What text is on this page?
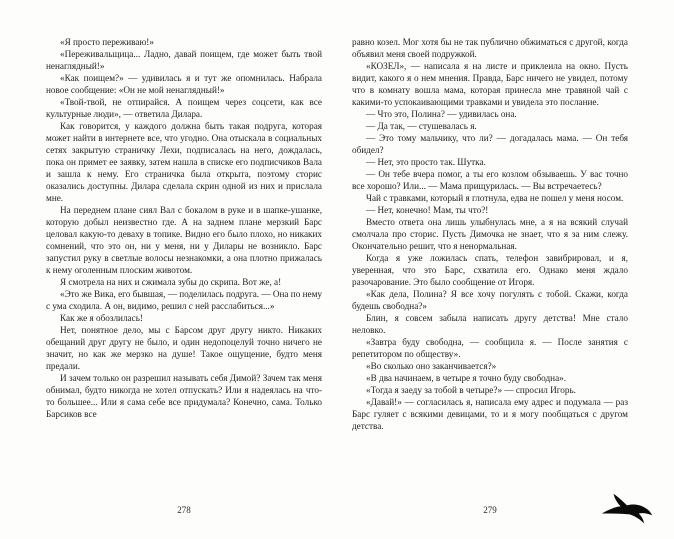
«Я просто переживаю!»

«Переживальщица... Ладно, давай поищем, где может быть твой ненаглядный!»

«Как поищем?» — удивилась я и тут же опомнилась. Набрала новое сообщение: «Он не мой ненаглядный!»

«Твой-твой, не отпирайся. А поищем через соцсети, как все культурные люди», — ответила Дилара.

Как говорится, у каждого должна быть такая подруга, которая может найти в интернете все, что угодно. Она отыскала в социальных сетях закрытую страничку Лехи, подписалась на него, дождалась, пока он примет ее заявку, затем нашла в списке его подписчиков Вала и зашла к нему. Его страничка была открыта, поэтому сторис оказались доступны. Дилара сделала скрин одной из них и прислала мне.

На переднем плане сиял Вал с бокалом в руке и в шапке-ушанке, которую добыл неизвестно где. А на заднем плане мерзкий Барс целовал какую-то деваху в топике. Видно его было плохо, но никаких сомнений, что это он, ни у меня, ни у Дилары не возникло. Барс запустил руку в светлые волосы незнакомки, а она плотно прижалась к нему оголенным плоским животом.

Я смотрела на них и сжимала зубы до скрипа. Вот же, а!

«Это же Вика, его бывшая, — поделилась подруга. — Она по нему с ума сходила. А он, видимо, решил с ней расслабиться...»

Как же я обозлилась!

Нет, понятное дело, мы с Барсом друг другу никто. Никаких обещаний друг другу не было, и один недопоцелуй точно ничего не значит, но как же мерзко на душе! Такое ощущение, будто меня предали.

И зачем только он разрешил называть себя Димой? Зачем так меня обнимал, будто никогда не хотел отпускать? Или я надеялась на что-то большее... Или я сама себе все придумала? Конечно, сама. Только Барсиков все

278

равно козел. Мог хотя бы не так публично обжиматься с другой, когда объявил меня своей подружкой.

«КОЗЕЛ», — написала я на листе и приклеила на окно. Пусть видит, какого я о нем мнения. Правда, Барс ничего не увидел, потому что в комнату вошла мама, которая принесла мне травяной чай с какими-то успокаивающими травками и увидела это послание.

— Что это, Полина? — удивилась она.

— Да так, — стушевалась я.

— Это тому мальчику, что ли? — догадалась мама. — Он тебя обидел?

— Нет, это просто так. Шутка.

— Он тебе вчера помог, а ты его козлом обзываешь. У вас точно все хорошо? Или... — Мама прищурилась. — Вы встречаетесь?

Чай с травками, который я глотнула, едва не пошел у меня носом.

— Нет, конечно! Мам, ты что?!

Вместо ответа она лишь улыбнулась мне, а я на всякий случай смолчала про сторис. Пусть Димочка не знает, что я за ним слежу. Окончательно решит, что я ненормальная.

Когда я уже ложилась спать, телефон завибрировал, и я, уверенная, что это Барс, схватила его. Однако меня ждало разочарование. Это было сообщение от Игоря.

«Как дела, Полина? Я все хочу погулять с тобой. Скажи, когда будешь свободна?»

Блин, я совсем забыла написать другу детства! Мне стало неловко.

«Завтра буду свободна, — сообщила я. — После занятия с репетитором по обществу».

«Во сколько оно заканчивается?»

«В два начинаем, в четыре я точно буду свободна».

«Тогда я заеду за тобой в четыре?» — спросил Игорь.

«Давай!» — согласилась я, написала ему адрес и подумала — раз Барс гуляет с всякими девицами, то и я могу пообщаться с другом детства.

279
